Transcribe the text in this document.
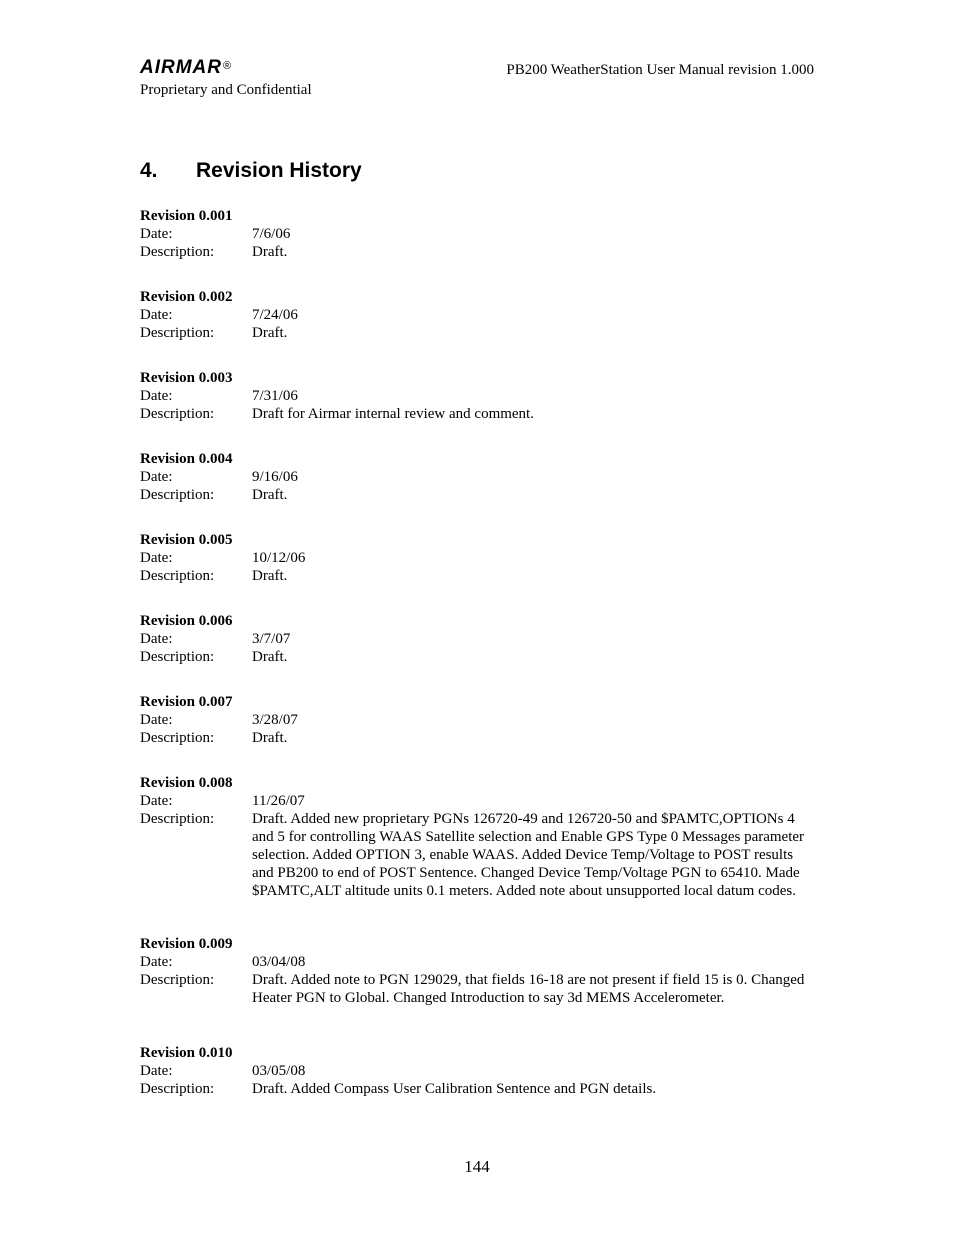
AIRMAR®	PB200 WeatherStation User Manual revision 1.000
Proprietary and Confidential
4. Revision History
Revision 0.001
Date:	7/6/06
Description:	Draft.
Revision 0.002
Date:	7/24/06
Description:	Draft.
Revision 0.003
Date:	7/31/06
Description:	Draft for Airmar internal review and comment.
Revision 0.004
Date:	9/16/06
Description:	Draft.
Revision 0.005
Date:	10/12/06
Description:	Draft.
Revision 0.006
Date:	3/7/07
Description:	Draft.
Revision 0.007
Date:	3/28/07
Description:	Draft.
Revision 0.008
Date:	11/26/07
Description:	Draft. Added new proprietary PGNs 126720-49 and 126720-50 and $PAMTC,OPTIONs 4 and 5 for controlling WAAS Satellite selection and Enable GPS Type 0 Messages parameter selection. Added OPTION 3, enable WAAS. Added Device Temp/Voltage to POST results and PB200 to end of POST Sentence. Changed Device Temp/Voltage PGN to 65410. Made $PAMTC,ALT altitude units 0.1 meters. Added note about unsupported local datum codes.
Revision 0.009
Date:	03/04/08
Description:	Draft. Added note to PGN 129029, that fields 16-18 are not present if field 15 is 0. Changed Heater PGN to Global. Changed Introduction to say 3d MEMS Accelerometer.
Revision 0.010
Date:	03/05/08
Description:	Draft. Added Compass User Calibration Sentence and PGN details.
144
